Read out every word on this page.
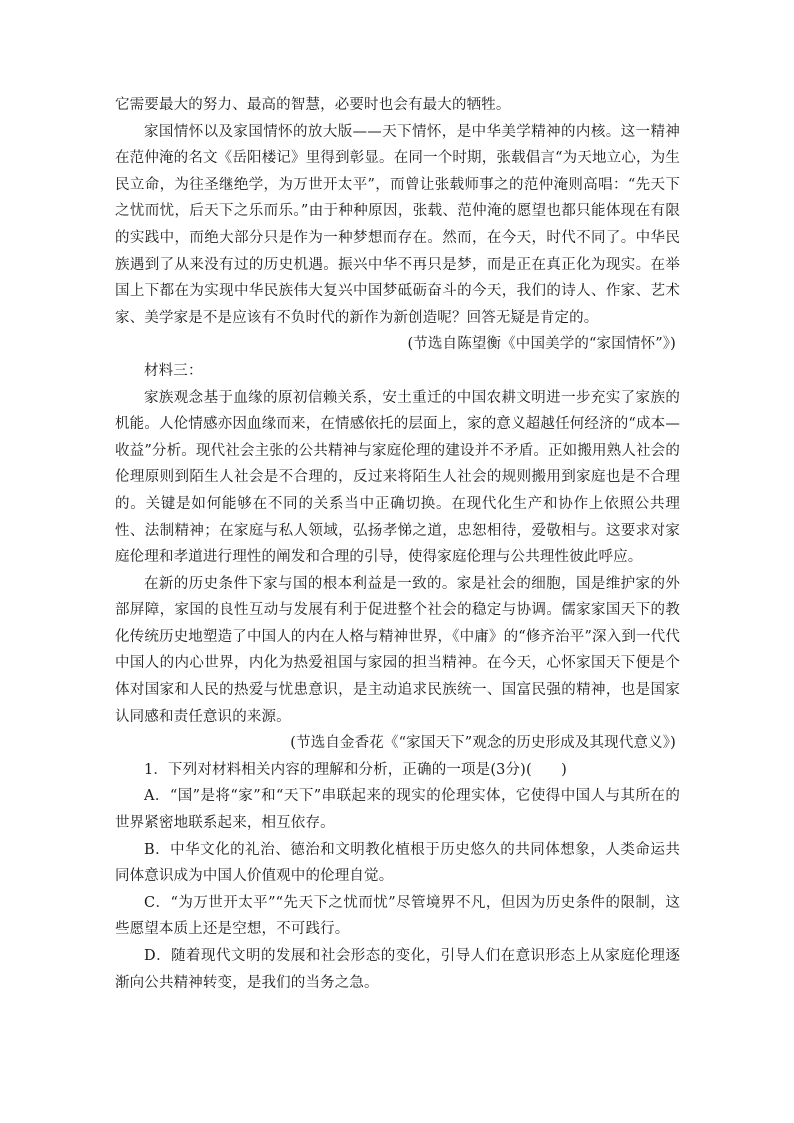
它需要最大的努力、最高的智慧，必要时也会有最大的牺牲。

家国情怀以及家国情怀的放大版——天下情怀，是中华美学精神的内核。这一精神在范仲淹的名文《岳阳楼记》里得到彰显。在同一个时期，张载倡言“为天地立心，为生民立命，为往圣继绝学，为万世开太平”，而曾让张载师事之的范仲淹则高唱：“先天下之忧而忧，后天下之乐而乐。”由于种种原因，张载、范仲淹的愿望也都只能体现在有限的实践中，而绝大部分只是作为一种梦想而存在。然而，在今天，时代不同了。中华民族遇到了从来没有过的历史机遇。振兴中华不再只是梦，而是正在真正化为现实。在举国上下都在为实现中华民族伟大复兴中国梦砥砺奋斗的今天，我们的诗人、作家、艺术家、美学家是不是应该有不负时代的新作为新创造呢？回答无疑是肯定的。

(节选自陈望衡《中国美学的“家国情怀”》)

材料三：

家族观念基于血缘的原初信赖关系，安土重迁的中国农耕文明进一步充实了家族的机能。人伦情感亦因血缘而来，在情感依托的层面上，家的意义超越任何经济的“成本—收益”分析。现代社会主张的公共精神与家庭伦理的建设并不矛盾。正如搬用熟人社会的伦理原则到陌生人社会是不合理的，反过来将陌生人社会的规则搬用到家庭也是不合理的。关键是如何能够在不同的关系当中正确切换。在现代化生产和协作上依照公共理性、法制精神；在家庭与私人领域，弘扬孝悌之道，忠恕相待，爱敬相与。这要求对家庭伦理和孝道进行理性的阐发和合理的引导，使得家庭伦理与公共理性彼此呼应。

在新的历史条件下家与国的根本利益是一致的。家是社会的细胞，国是维护家的外部屏障，家国的良性互动与发展有利于促进整个社会的稳定与协调。儒家家国天下的教化传统历史地塑造了中国人的内在人格与精神世界，《中庸》的“修齐治平”深入到一代代中国人的内心世界，内化为热爱祖国与家园的担当精神。在今天，心怀家国天下便是个体对国家和人民的热爱与忧患意识，是主动追求民族统一、国富民强的精神，也是国家认同感和责任意识的来源。

(节选自金香花《“家国天下”观念的历史形成及其现代意义》)

1．下列对材料相关内容的理解和分析，正确的一项是(3分)(　　)

A．“国”是将“家”和“天下”串联起来的现实的伦理实体，它使得中国人与其所在的世界紧密地联系起来，相互依存。

B．中华文化的礼治、德治和文明教化植根于历史悠久的共同体想象，人类命运共同体意识成为中国人价值观中的伦理自觉。

C．“为万世开太平”“先天下之忧而忧”尽管境界不凡，但因为历史条件的限制，这些愿望本质上还是空想，不可践行。

D．随着现代文明的发展和社会形态的变化，引导人们在意识形态上从家庭伦理逐渐向公共精神转变，是我们的当务之急。
